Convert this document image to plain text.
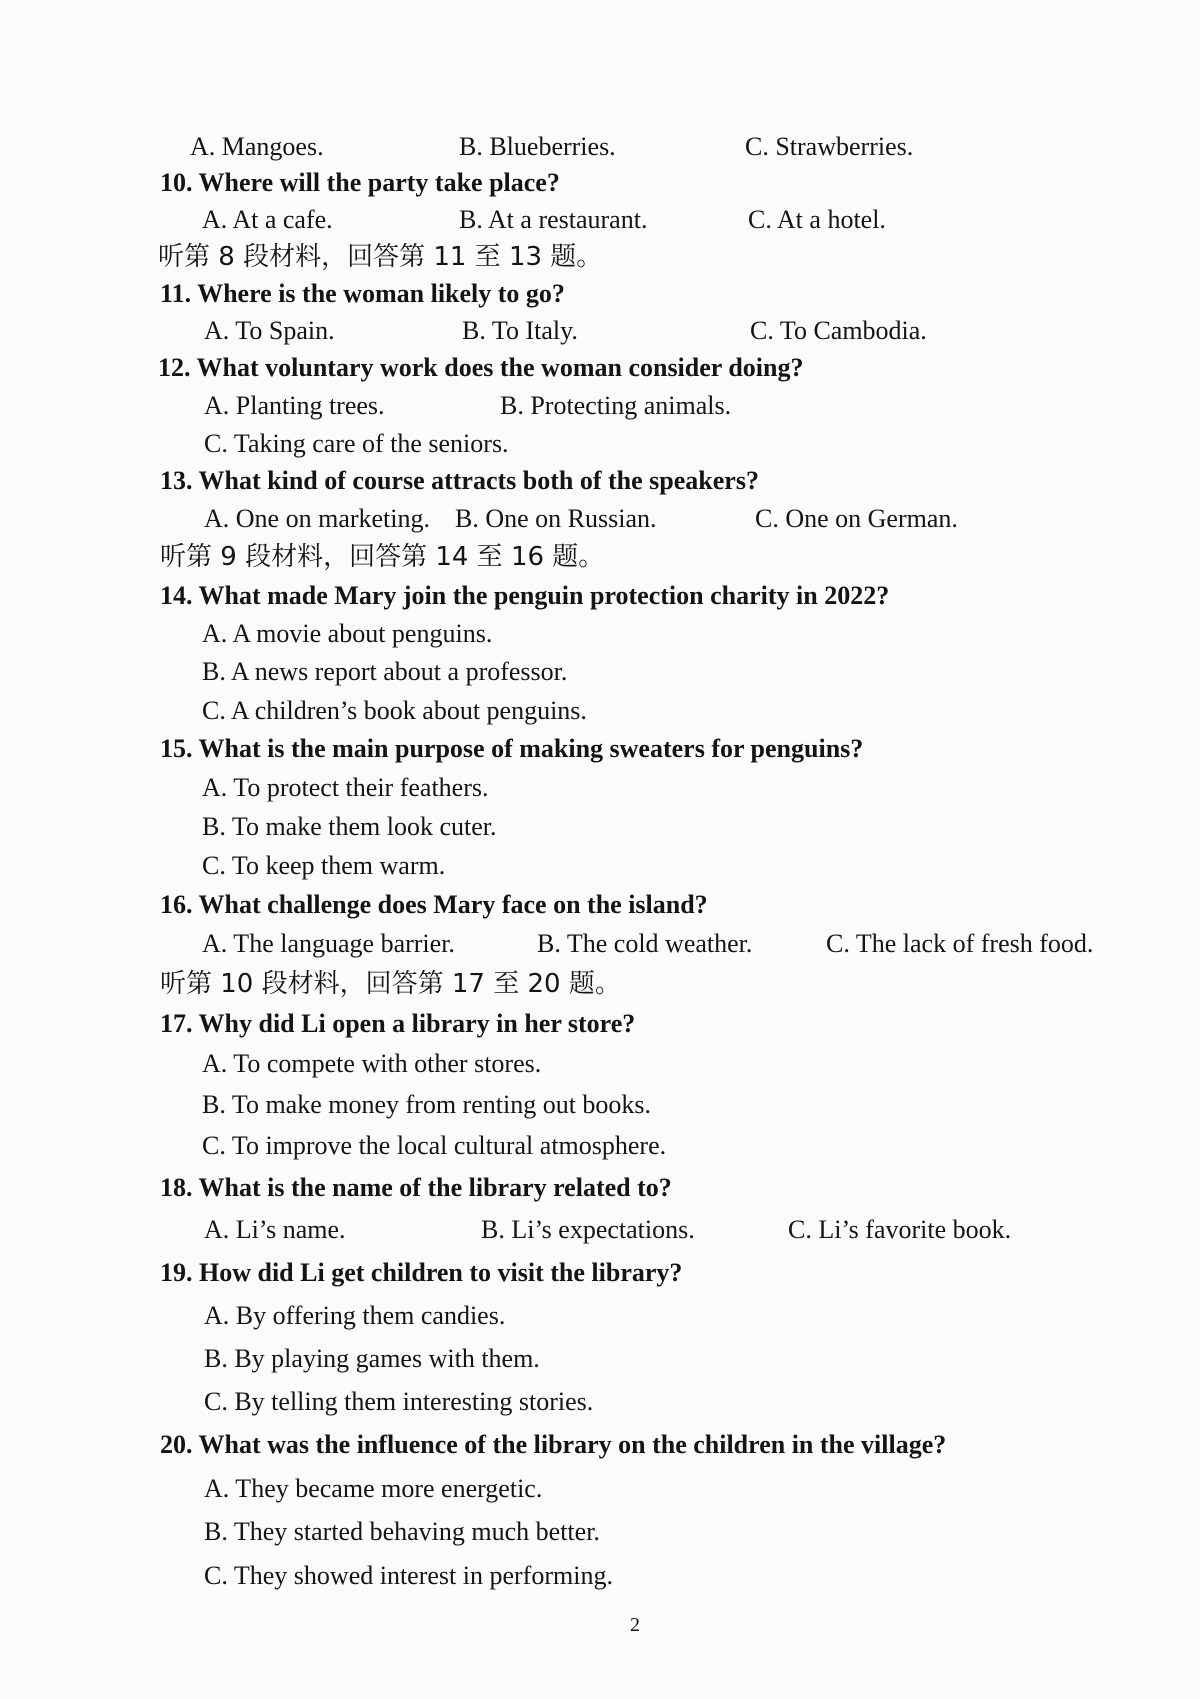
A. Mangoes.	B. Blueberries.	C. Strawberries.
10. Where will the party take place?
A. At a cafe.	B. At a restaurant.	C. At a hotel.
听第 8 段材料，回答第 11 至 13 题。
11. Where is the woman likely to go?
A. To Spain.	B. To Italy.	C. To Cambodia.
12. What voluntary work does the woman consider doing?
A. Planting trees.	B. Protecting animals.
C. Taking care of the seniors.
13. What kind of course attracts both of the speakers?
A. One on marketing. B. One on Russian.	C. One on German.
听第 9 段材料，回答第 14 至 16 题。
14. What made Mary join the penguin protection charity in 2022?
A. A movie about penguins.
B. A news report about a professor.
C. A children’s book about penguins.
15. What is the main purpose of making sweaters for penguins?
A. To protect their feathers.
B. To make them look cuter.
C. To keep them warm.
16. What challenge does Mary face on the island?
A. The language barrier.	B. The cold weather.	C. The lack of fresh food.
听第 10 段材料，回答第 17 至 20 题。
17. Why did Li open a library in her store?
A. To compete with other stores.
B. To make money from renting out books.
C. To improve the local cultural atmosphere.
18. What is the name of the library related to?
A. Li’s name.	B. Li’s expectations.	C. Li’s favorite book.
19. How did Li get children to visit the library?
A. By offering them candies.
B. By playing games with them.
C. By telling them interesting stories.
20. What was the influence of the library on the children in the village?
A. They became more energetic.
B. They started behaving much better.
C. They showed interest in performing.
2
